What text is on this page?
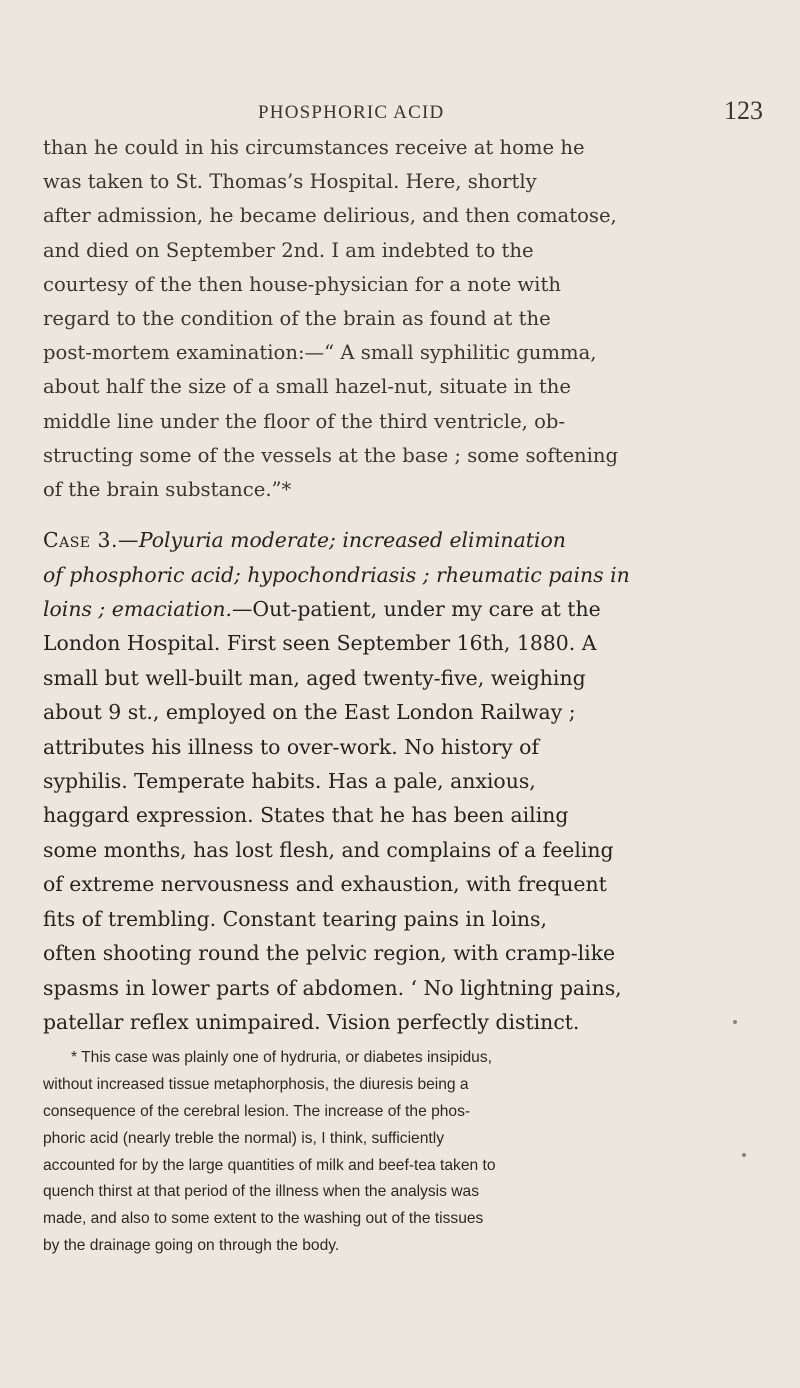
PHOSPHORIC ACID	123
than he could in his circumstances receive at home he
was taken to St. Thomas’s Hospital. Here, shortly
after admission, he became delirious, and then comatose,
and died on September 2nd. I am indebted to the
courtesy of the then house-physician for a note with
regard to the condition of the brain as found at the
post-mortem examination:—“ A small syphilitic gumma,
about half the size of a small hazel-nut, situate in the
middle line under the floor of the third ventricle, ob-
structing some of the vessels at the base ; some softening
of the brain substance.”*
Case 3.—Polyuria moderate; increased elimination
of phosphoric acid; hypochondriasis ; rheumatic pains in
loins ; emaciation.—Out-patient, under my care at the
London Hospital. First seen September 16th, 1880. A
small but well-built man, aged twenty-five, weighing
about 9 st., employed on the East London Railway ;
attributes his illness to over-work. No history of
syphilis. Temperate habits. Has a pale, anxious,
haggard expression. States that he has been ailing
some months, has lost flesh, and complains of a feeling
of extreme nervousness and exhaustion, with frequent
fits of trembling. Constant tearing pains in loins,
often shooting round the pelvic region, with cramp-like
spasms in lower parts of abdomen. ‘ No lightning pains,
patellar reflex unimpaired. Vision perfectly distinct.
* This case was plainly one of hydruria, or diabetes insipidus,
without increased tissue metaphorphosis, the diuresis being a
consequence of the cerebral lesion. The increase of the phos-
phoric acid (nearly treble the normal) is, I think, sufficiently
accounted for by the large quantities of milk and beef-tea taken to
quench thirst at that period of the illness when the analysis was
made, and also to some extent to the washing out of the tissues
by the drainage going on through the body.
